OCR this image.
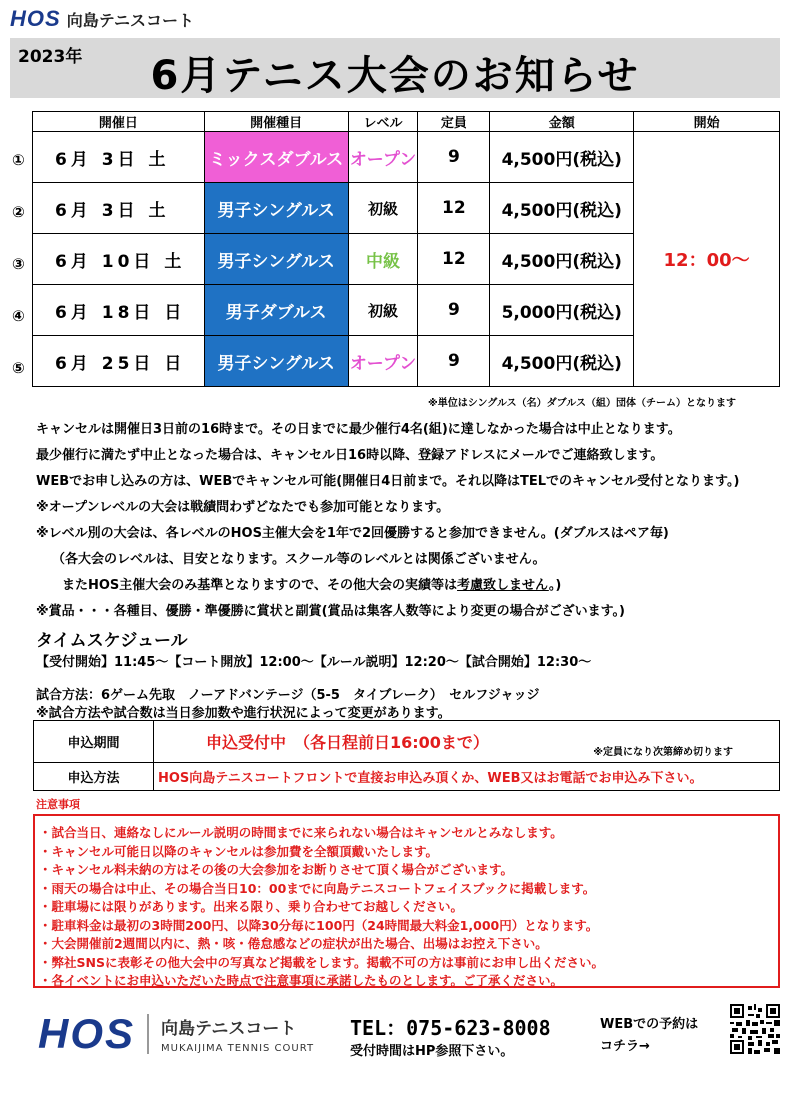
HOS 向島テニスコート
2023年	6月テニス大会のお知らせ
①
②
③
④
⑤
開催日	開催種目	レベル	定員	金額	開始
6月 3日 土	ミックスダブルス	オープン	9	4,500円(税込)	12：00～
6月 3日 土	男子シングルス	初級	12	4,500円(税込)	
6月 10日 土	男子シングルス	中級	12	4,500円(税込)	
6月 18日 日	男子ダブルス	初級	9	5,000円(税込)	
6月 25日 日	男子シングルス	オープン	9	4,500円(税込)	
※単位はシングルス（名）ダブルス（組）団体（チーム）となります
キャンセルは開催日3日前の16時まで。その日までに最少催行4名(組)に達しなかった場合は中止となります。
最少催行に満たず中止となった場合は、キャンセル日16時以降、登録アドレスにメールでご連絡致します。
WEBでお申し込みの方は、WEBでキャンセル可能(開催日4日前まで。それ以降はTELでのキャンセル受付となります。)
※オープンレベルの大会は戦績問わずどなたでも参加可能となります。
※レベル別の大会は、各レベルのHOS主催大会を1年で2回優勝すると参加できません。(ダブルスはペア毎)
（各大会のレベルは、目安となります。スクール等のレベルとは関係ございません。
またHOS主催大会のみ基準となりますので、その他大会の実績等は考慮致しません。)
※賞品・・・各種目、優勝・準優勝に賞状と副賞(賞品は集客人数等により変更の場合がございます。)
タイムスケジュール
【受付開始】11:45～【コート開放】12:00～【ルール説明】12:20～【試合開始】12:30～
試合方法：6ゲーム先取　ノーアドバンテージ（5-5　タイブレーク）　セルフジャッジ
※試合方法や試合数は当日参加数や進行状況によって変更があります。
申込期間	申込受付中　（各日程前日16:00まで）
※定員になり次第締め切ります

申込方法	HOS向島テニスコートフロントで直接お申込み頂くか、WEB又はお電話でお申込み下さい。
注意事項
・試合当日、連絡なしにルール説明の時間までに来られない場合はキャンセルとみなします。
・キャンセル可能日以降のキャンセルは参加費を全額頂戴いたします。
・キャンセル料未納の方はその後の大会参加をお断りさせて頂く場合がございます。
・雨天の場合は中止、その場合当日10：00までに向島テニスコートフェイスブックに掲載します。
・駐車場には限りがあります。出来る限り、乗り合わせてお越しください。
・駐車料金は最初の3時間200円、以降30分毎に100円（24時間最大料金1,000円）となります。
・大会開催前2週間以内に、熱・咳・倦怠感などの症状が出た場合、出場はお控え下さい。
・弊社SNSに表彰その他大会中の写真など掲載をします。掲載不可の方は事前にお申し出ください。
・各イベントにお申込いただいた時点で注意事項に承諾したものとします。ご了承ください。
HOS 向島テニスコート
MUKAIJIMA TENNIS COURT
TEL：075-623-8008
受付時間はHP参照下さい。
WEBでの予約は
コチラ→
